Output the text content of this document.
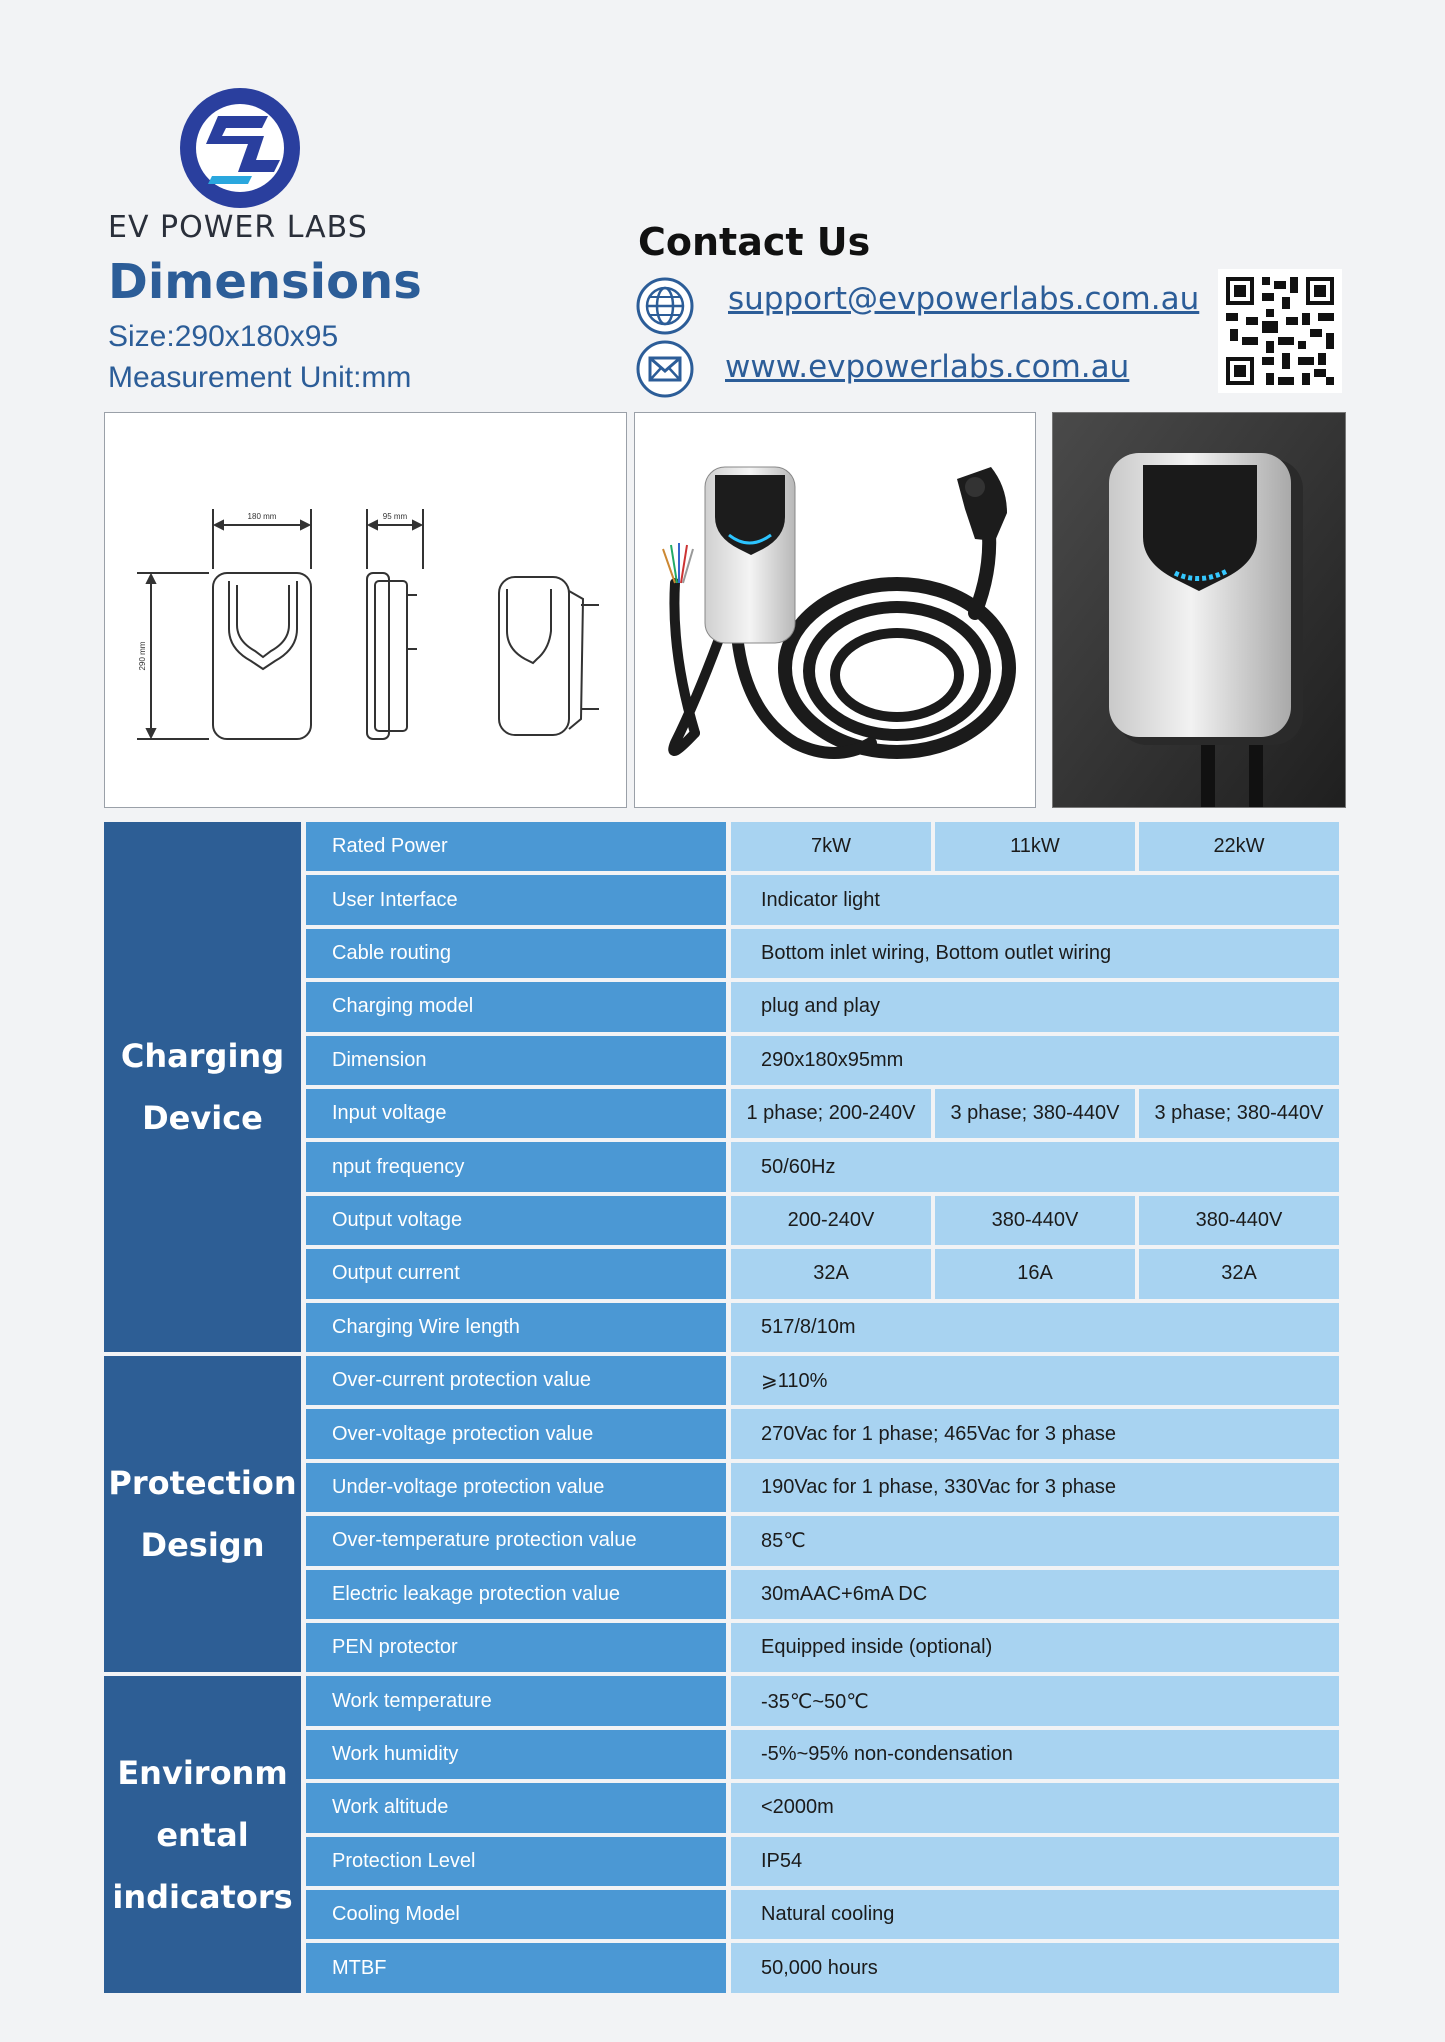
EV POWER LABS
Dimensions
Size:290x180x95
Measurement Unit:mm
Contact Us
support@evpowerlabs.com.au
www.evpowerlabs.com.au
180 mm	95 mm
290 mm
Charging
Device
Protection
Design
Environm
ental
indicators
Rated Power	7kW	11kW	22kW
User Interface	Indicator light
Cable routing	Bottom inlet wiring, Bottom outlet wiring
Charging model	plug and play
Dimension	290x180x95mm
Input voltage	1 phase; 200-240V	3 phase; 380-440V	3 phase; 380-440V
nput frequency	50/60Hz
Output voltage	200-240V	380-440V	380-440V
Output current	32A	16A	32A
Charging Wire length	517/8/10m
Over-current protection value	⩾110%
Over-voltage protection value	270Vac for 1 phase; 465Vac for 3 phase
Under-voltage protection value	190Vac for 1 phase, 330Vac for 3 phase
Over-temperature protection value	85℃
Electric leakage protection value	30mAAC+6mA DC
PEN protector	Equipped inside (optional)
Work temperature	-35℃~50℃
Work humidity	-5%~95% non-condensation
Work altitude	<2000m
Protection Level	IP54
Cooling Model	Natural cooling
MTBF	50,000 hours
